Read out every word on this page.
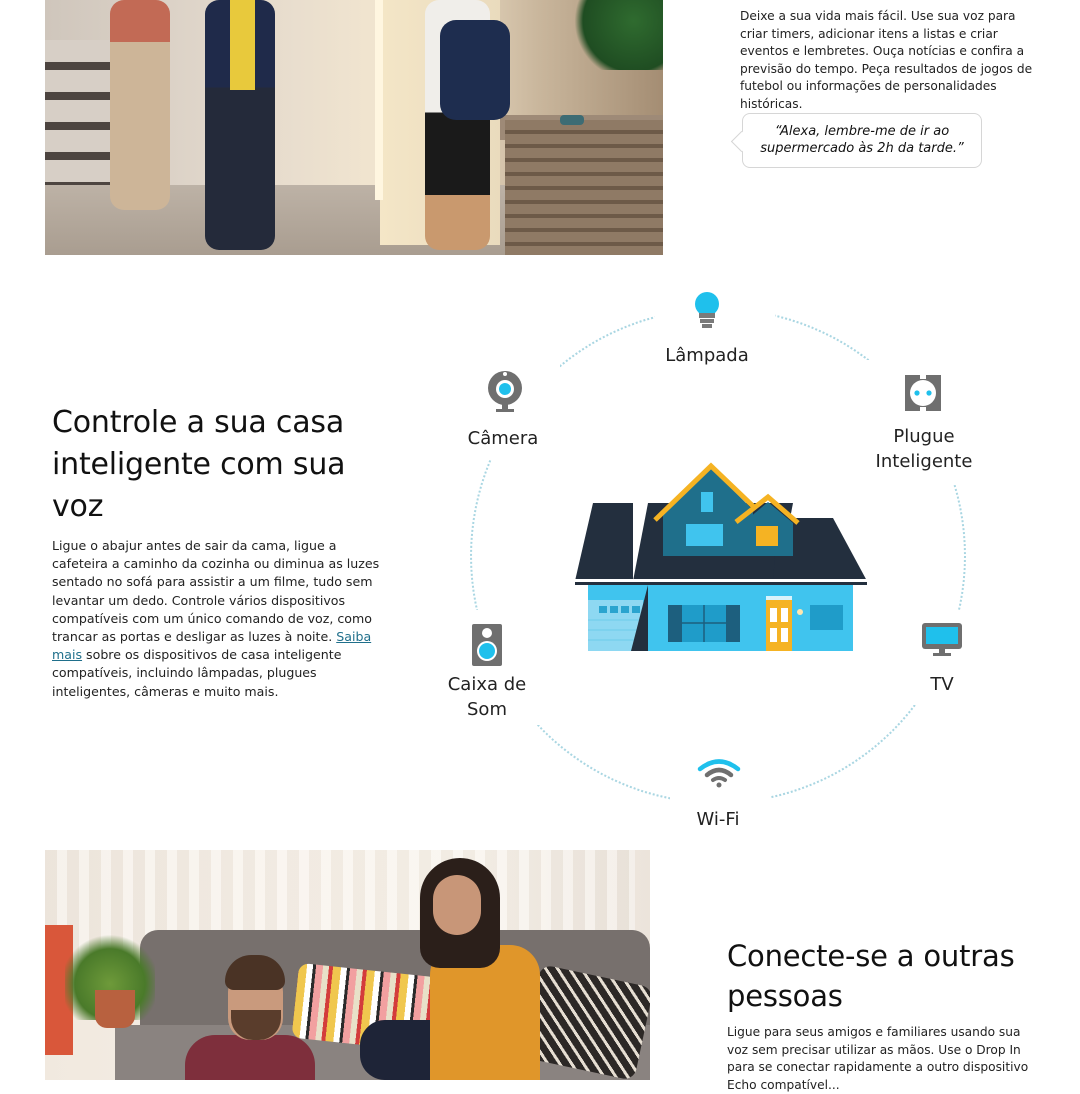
Deixe a sua vida mais fácil. Use sua voz para criar timers, adicionar itens a listas e criar eventos e lembretes. Ouça notícias e confira a previsão do tempo. Peça resultados de jogos de futebol ou informações de personalidades históricas.
“Alexa, lembre-me de ir ao supermercado às 2h da tarde.”
Controle a sua casa inteligente com sua voz
Ligue o abajur antes de sair da cama, ligue a cafeteira a caminho da cozinha ou diminua as luzes sentado no sofá para assistir a um filme, tudo sem levantar um dedo. Controle vários dispositivos compatíveis com um único comando de voz, como trancar as portas e desligar as luzes à noite. Saiba mais sobre os dispositivos de casa inteligente compatíveis, incluindo lâmpadas, plugues inteligentes, câmeras e muito mais.
Lâmpada
Câmera	Plugue Inteligente
Caixa de Som
TV
Wi-Fi
Conecte-se a outras pessoas
Ligue para seus amigos e familiares usando sua voz sem precisar utilizar as mãos. Use o Drop In para se conectar rapidamente a outro dispositivo Echo compatível...
